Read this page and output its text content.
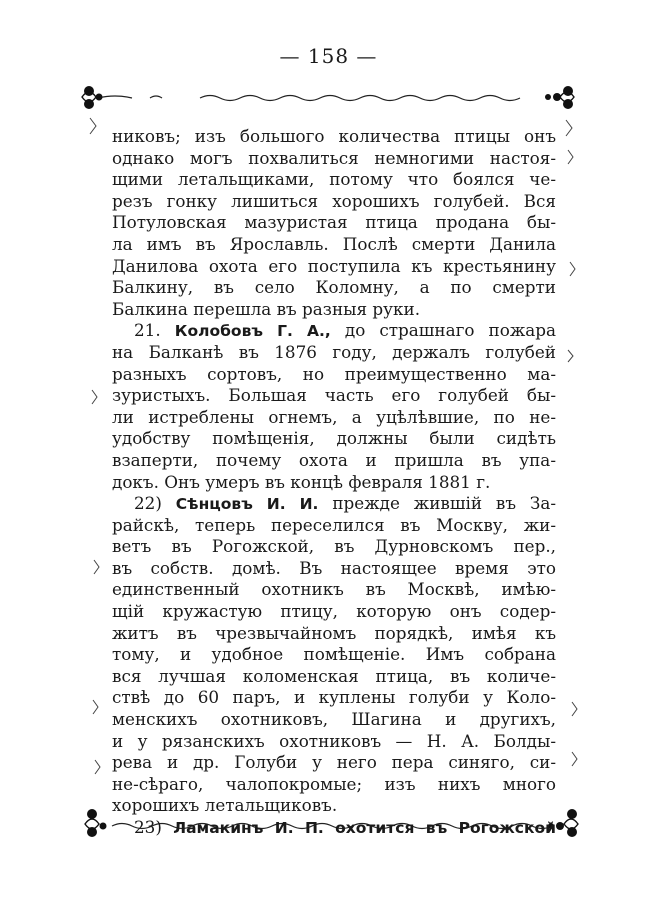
— 158 —
никовъ; изъ большого количества птицы онъ
однако могъ похвалиться немногими настоя-
щими летальщиками, потому что боялся че-
резъ гонку лишиться хорошихъ голубей. Вся
Потуловская мазуристая птица продана бы-
ла имъ въ Ярославль. Послѣ смерти Данила
Данилова охота его поступила къ крестьянину
Балкину, въ село Коломну, а по смерти
Балкина перешла въ разныя руки.
21. Колобовъ Г. А., до страшнаго пожара
на Балканѣ въ 1876 году, держалъ голубей
разныхъ сортовъ, но преимущественно ма-
зуристыхъ. Большая часть его голубей бы-
ли истреблены огнемъ, а уцѣлѣвшие, по не-
удобству помѣщенія, должны были сидѣть
взаперти, почему охота и пришла въ упа-
докъ. Онъ умеръ въ концѣ февраля 1881 г.
22) Сѣнцовъ И. И. прежде жившій въ За-
райскѣ, теперь переселился въ Москву, жи-
ветъ въ Рогожской, въ Дурновскомъ пер.,
въ собств. домѣ. Въ настоящее время это
единственный охотникъ въ Москвѣ, имѣю-
щій кружастую птицу, которую онъ содер-
житъ въ чрезвычайномъ порядкѣ, имѣя къ
тому, и удобное помѣщеніе. Имъ собрана
вся лучшая коломенская птица, въ количе-
ствѣ до 60 паръ, и куплены голуби у Коло-
менскихъ охотниковъ, Шагина и другихъ,
и у рязанскихъ охотниковъ — Н. А. Болды-
рева и др. Голуби у него пера синяго, си-
не-сѣраго, чалопокромые; изъ нихъ много
хорошихъ летальщиковъ.
23) Ламакинъ И. П. охотится въ Рогожской
